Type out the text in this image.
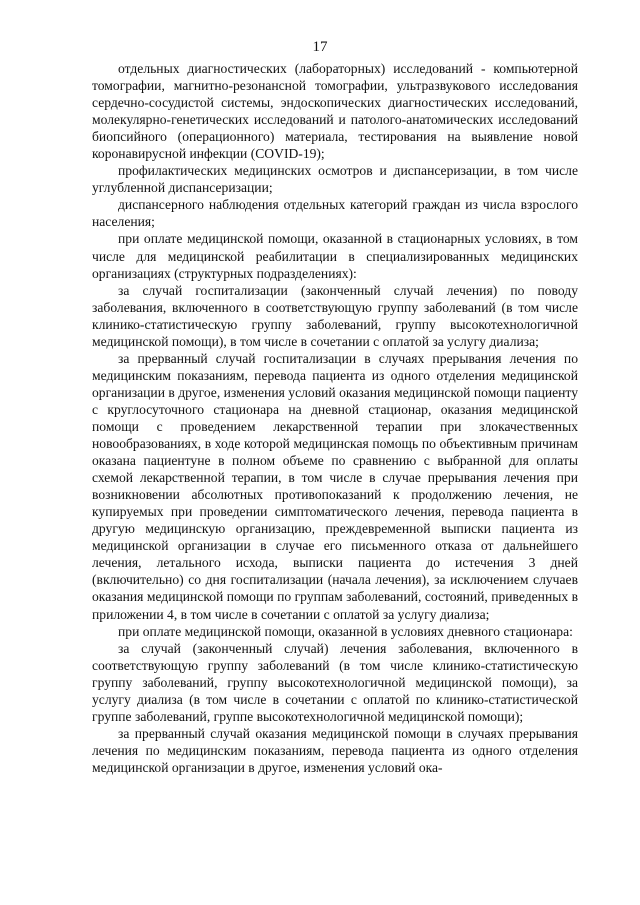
17

отдельных диагностических (лабораторных) исследований - компьютерной томографии, магнитно-резонансной томографии, ультразвукового исследования сердечно-сосудистой системы, эндоскопических диагностических исследований, молекулярно-генетических исследований и патолого-анатомических исследований биопсийного (операционного) материала, тестирования на выявление новой коронавирусной инфекции (COVID-19);

профилактических медицинских осмотров и диспансеризации, в том числе углубленной диспансеризации;

диспансерного наблюдения отдельных категорий граждан из числа взрослого населения;

при оплате медицинской помощи, оказанной в стационарных условиях, в том числе для медицинской реабилитации в специализированных медицинских организациях (структурных подразделениях):

за случай госпитализации (законченный случай лечения) по поводу заболевания, включенного в соответствующую группу заболеваний (в том числе клинико-статистическую группу заболеваний, группу высокотехнологичной медицинской помощи), в том числе в сочетании с оплатой за услугу диализа;

за прерванный случай госпитализации в случаях прерывания лечения по медицинским показаниям, перевода пациента из одного отделения медицинской организации в другое, изменения условий оказания медицинской помощи пациенту с круглосуточного стационара на дневной стационар, оказания медицинской помощи с проведением лекарственной терапии при злокачественных новообразованиях, в ходе которой медицинская помощь по объективным причинам оказана пациентуне в полном объеме по сравнению с выбранной для оплаты схемой лекарственной терапии, в том числе в случае прерывания лечения при возникновении абсолютных противопоказаний к продолжению лечения, не купируемых при проведении симптоматического лечения, перевода пациента в другую медицинскую организацию, преждевременной выписки пациента из медицинской организации в случае его письменного отказа от дальнейшего лечения, летального исхода, выписки пациента до истечения 3 дней (включительно) со дня госпитализации (начала лечения), за исключением случаев оказания медицинской помощи по группам заболеваний, состояний, приведенных в приложении 4, в том числе в сочетании с оплатой за услугу диализа;

при оплате медицинской помощи, оказанной в условиях дневного стационара:

за случай (законченный случай) лечения заболевания, включенного в соответствующую группу заболеваний (в том числе клинико-статистическую группу заболеваний, группу высокотехнологичной медицинской помощи), за услугу диализа (в том числе в сочетании с оплатой по клинико-статистической группе заболеваний, группе высокотехнологичной медицинской помощи);

за прерванный случай оказания медицинской помощи в случаях прерывания лечения по медицинским показаниям, перевода пациента из одного отделения медицинской организации в другое, изменения условий ока-
